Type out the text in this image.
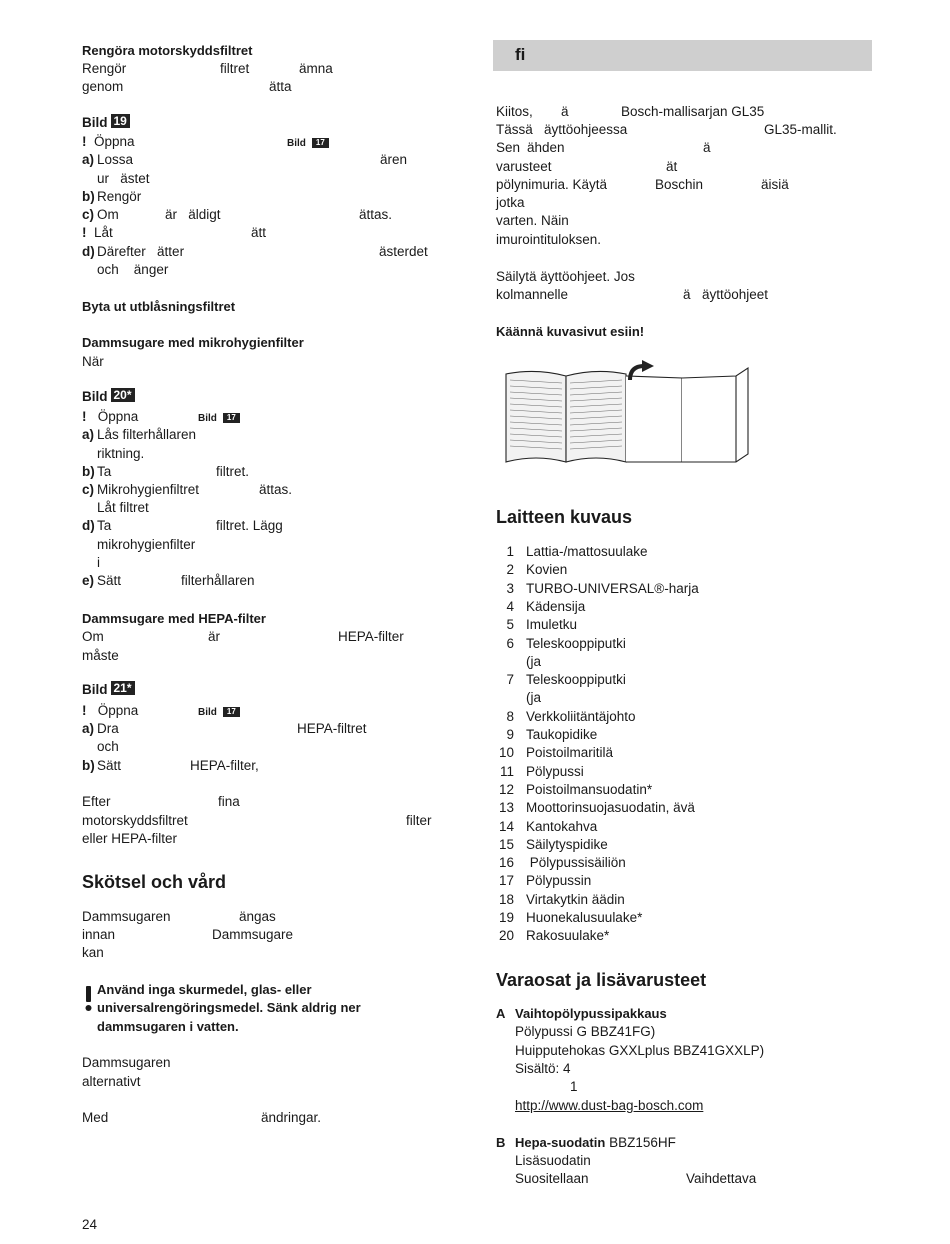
Rengöra motorskyddsfiltret
Rengör	filtret	ämna
genom	ätta
Bild 19
! Öppna	Bild 17
a) Lossa	ären
ur ästet
b) Rengör
c) Om	är äldigt	ättas.
! Låt	ätt
d) Därefter ätter	ästerdet
och änger
Byta ut utblåsningsfiltret
Dammsugare med mikrohygienfilter
När
Bild 20*
! Öppna	Bild 17
a) Lås filterhållaren
riktning.
b) Ta	filtret.
c) Mikrohygienfiltret	ättas.
Låt filtret
d) Ta	filtret. Lägg
mikrohygienfilter
i
e) Sätt	filterhållaren
Dammsugare med HEPA-filter
Om	är	HEPA-filter
måste
Bild 21*
! Öppna	Bild 17
a) Dra	HEPA-filtret
och
b) Sätt	HEPA-filter,
Efter	fina
motorskyddsfiltret	filter
eller HEPA-filter
Skötsel och vård
Dammsugaren	ängas
innan	Dammsugare
kan
Använd inga skurmedel, glas- eller
universalrengöringsmedel. Sänk aldrig ner
dammsugaren i vatten.
Dammsugaren
alternativt
Med	ändringar.
24
fi
Kiitos, ä	Bosch-mallisarjan GL35
Tässä äyttöohjeessa	GL35-mallit.
Sen ähden	ä
varusteet	ät
pölynimuria. Käytä	Boschin	äisiä
jotka
varten. Näin
imurointituloksen.
Säilytä äyttöohjeet. Jos
kolmannelle	ä äyttöohjeet
Käännä kuvasivut esiin!
Laitteen kuvaus
1 Lattia-/mattosuulake
2 Kovien
3 TURBO-UNIVERSAL®-harja
4 Kädensija
5 Imuletku
6 Teleskooppiputki
(ja
7 Teleskooppiputki
(ja
8 Verkkoliitäntäjohto
9 Taukopidike
10 Poistoilmaritilä
11 Pölypussi
12 Poistoilmansuodatin*
13 Moottorinsuojasuodatin, ävä
14 Kantokahva
15 Säilytyspidike
16 Pölypussisäiliön
17 Pölypussin
18 Virtakytkin äädin
19 Huonekalusuulake*
20 Rakosuulake*
Varaosat ja lisävarusteet
A Vaihtopölypussipakkaus
Pölypussi G BBZ41FG)
Huipputehokas GXXLplus BBZ41GXXLP)
Sisältö: 4
1
http://www.dust-bag-bosch.com
B Hepa-suodatin BBZ156HF
Lisäsuodatin
Suositellaan	Vaihdettava
